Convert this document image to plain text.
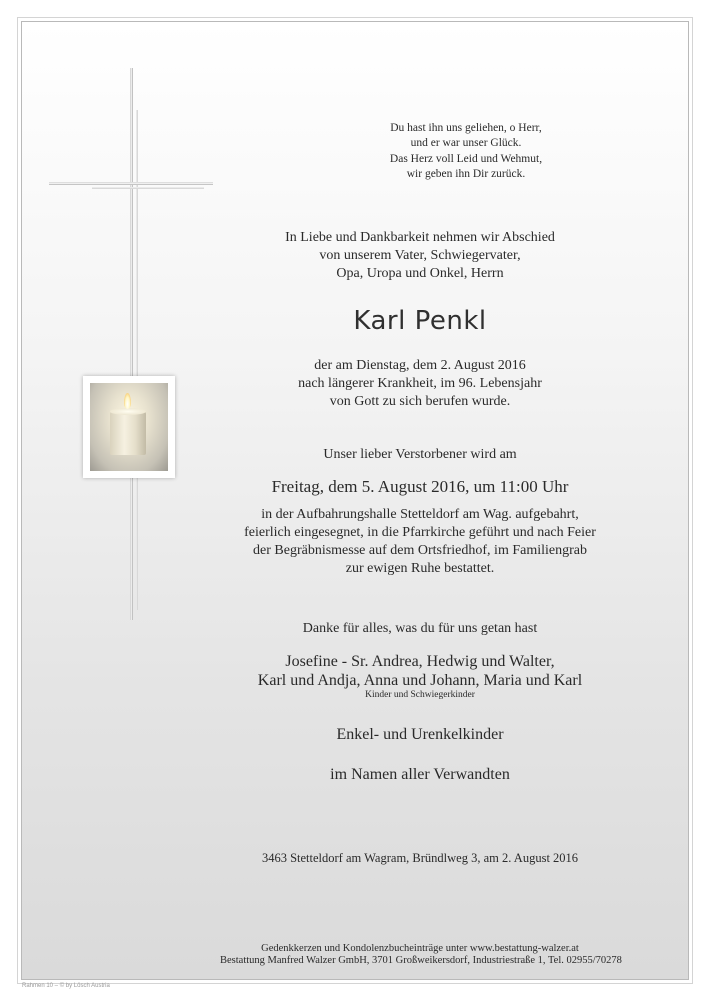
Du hast ihn uns geliehen, o Herr,
und er war unser Glück.
Das Herz voll Leid und Wehmut,
wir geben ihn Dir zurück.
In Liebe und Dankbarkeit nehmen wir Abschied
von unserem Vater, Schwiegervater,
Opa, Uropa und Onkel, Herrn
Karl Penkl
der am Dienstag, dem 2. August 2016
nach längerer Krankheit, im 96. Lebensjahr
von Gott zu sich berufen wurde.
Unser lieber Verstorbener wird am
Freitag, dem 5. August 2016, um 11:00 Uhr
in der Aufbahrungshalle Stetteldorf am Wag. aufgebahrt,
feierlich eingesegnet, in die Pfarrkirche geführt und nach Feier
der Begräbnismesse auf dem Ortsfriedhof, im Familiengrab
zur ewigen Ruhe bestattet.
Danke für alles, was du für uns getan hast
Josefine - Sr. Andrea, Hedwig und Walter,
Karl und Andja, Anna und Johann, Maria und Karl
Kinder und Schwiegerkinder
Enkel- und Urenkelkinder
im Namen aller Verwandten
3463 Stetteldorf am Wagram, Bründlweg 3, am 2. August 2016
Gedenkkerzen und Kondolenzbucheinträge unter www.bestattung-walzer.at
Bestattung Manfred Walzer GmbH, 3701 Großweikersdorf, Industriestraße 1, Tel. 02955/70278
Rahmen 10 – © by Lösch Austria
